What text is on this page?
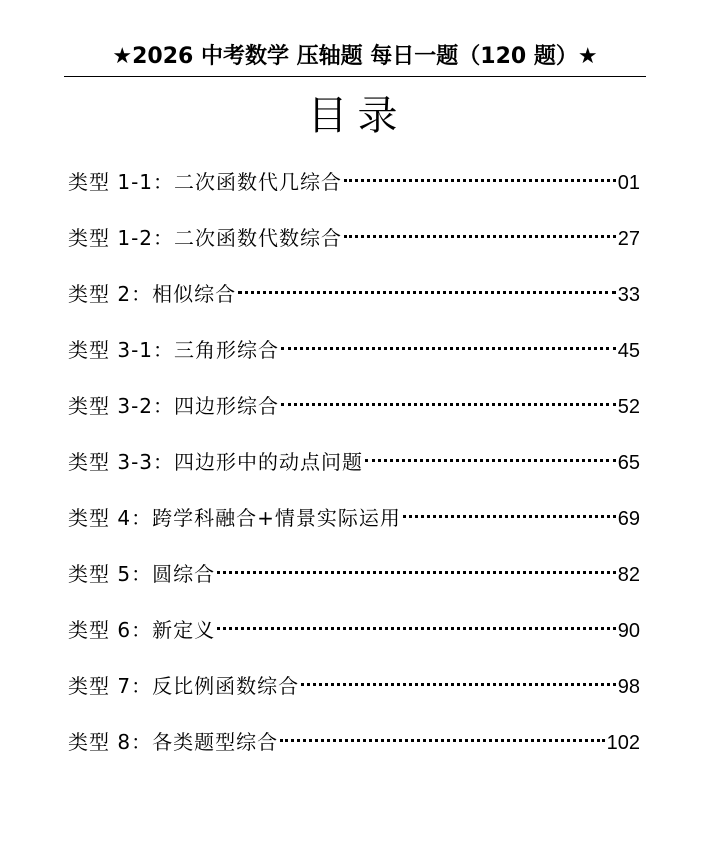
★2026 中考数学 压轴题 每日一题（120 题）★
目录
类型 1-1：二次函数代几综合	01
类型 1-2：二次函数代数综合	27
类型 2：相似综合	33
类型 3-1：三角形综合	45
类型 3-2：四边形综合	52
类型 3-3：四边形中的动点问题	65
类型 4：跨学科融合+情景实际运用	69
类型 5：圆综合	82
类型 6：新定义	90
类型 7：反比例函数综合	98
类型 8：各类题型综合	102
